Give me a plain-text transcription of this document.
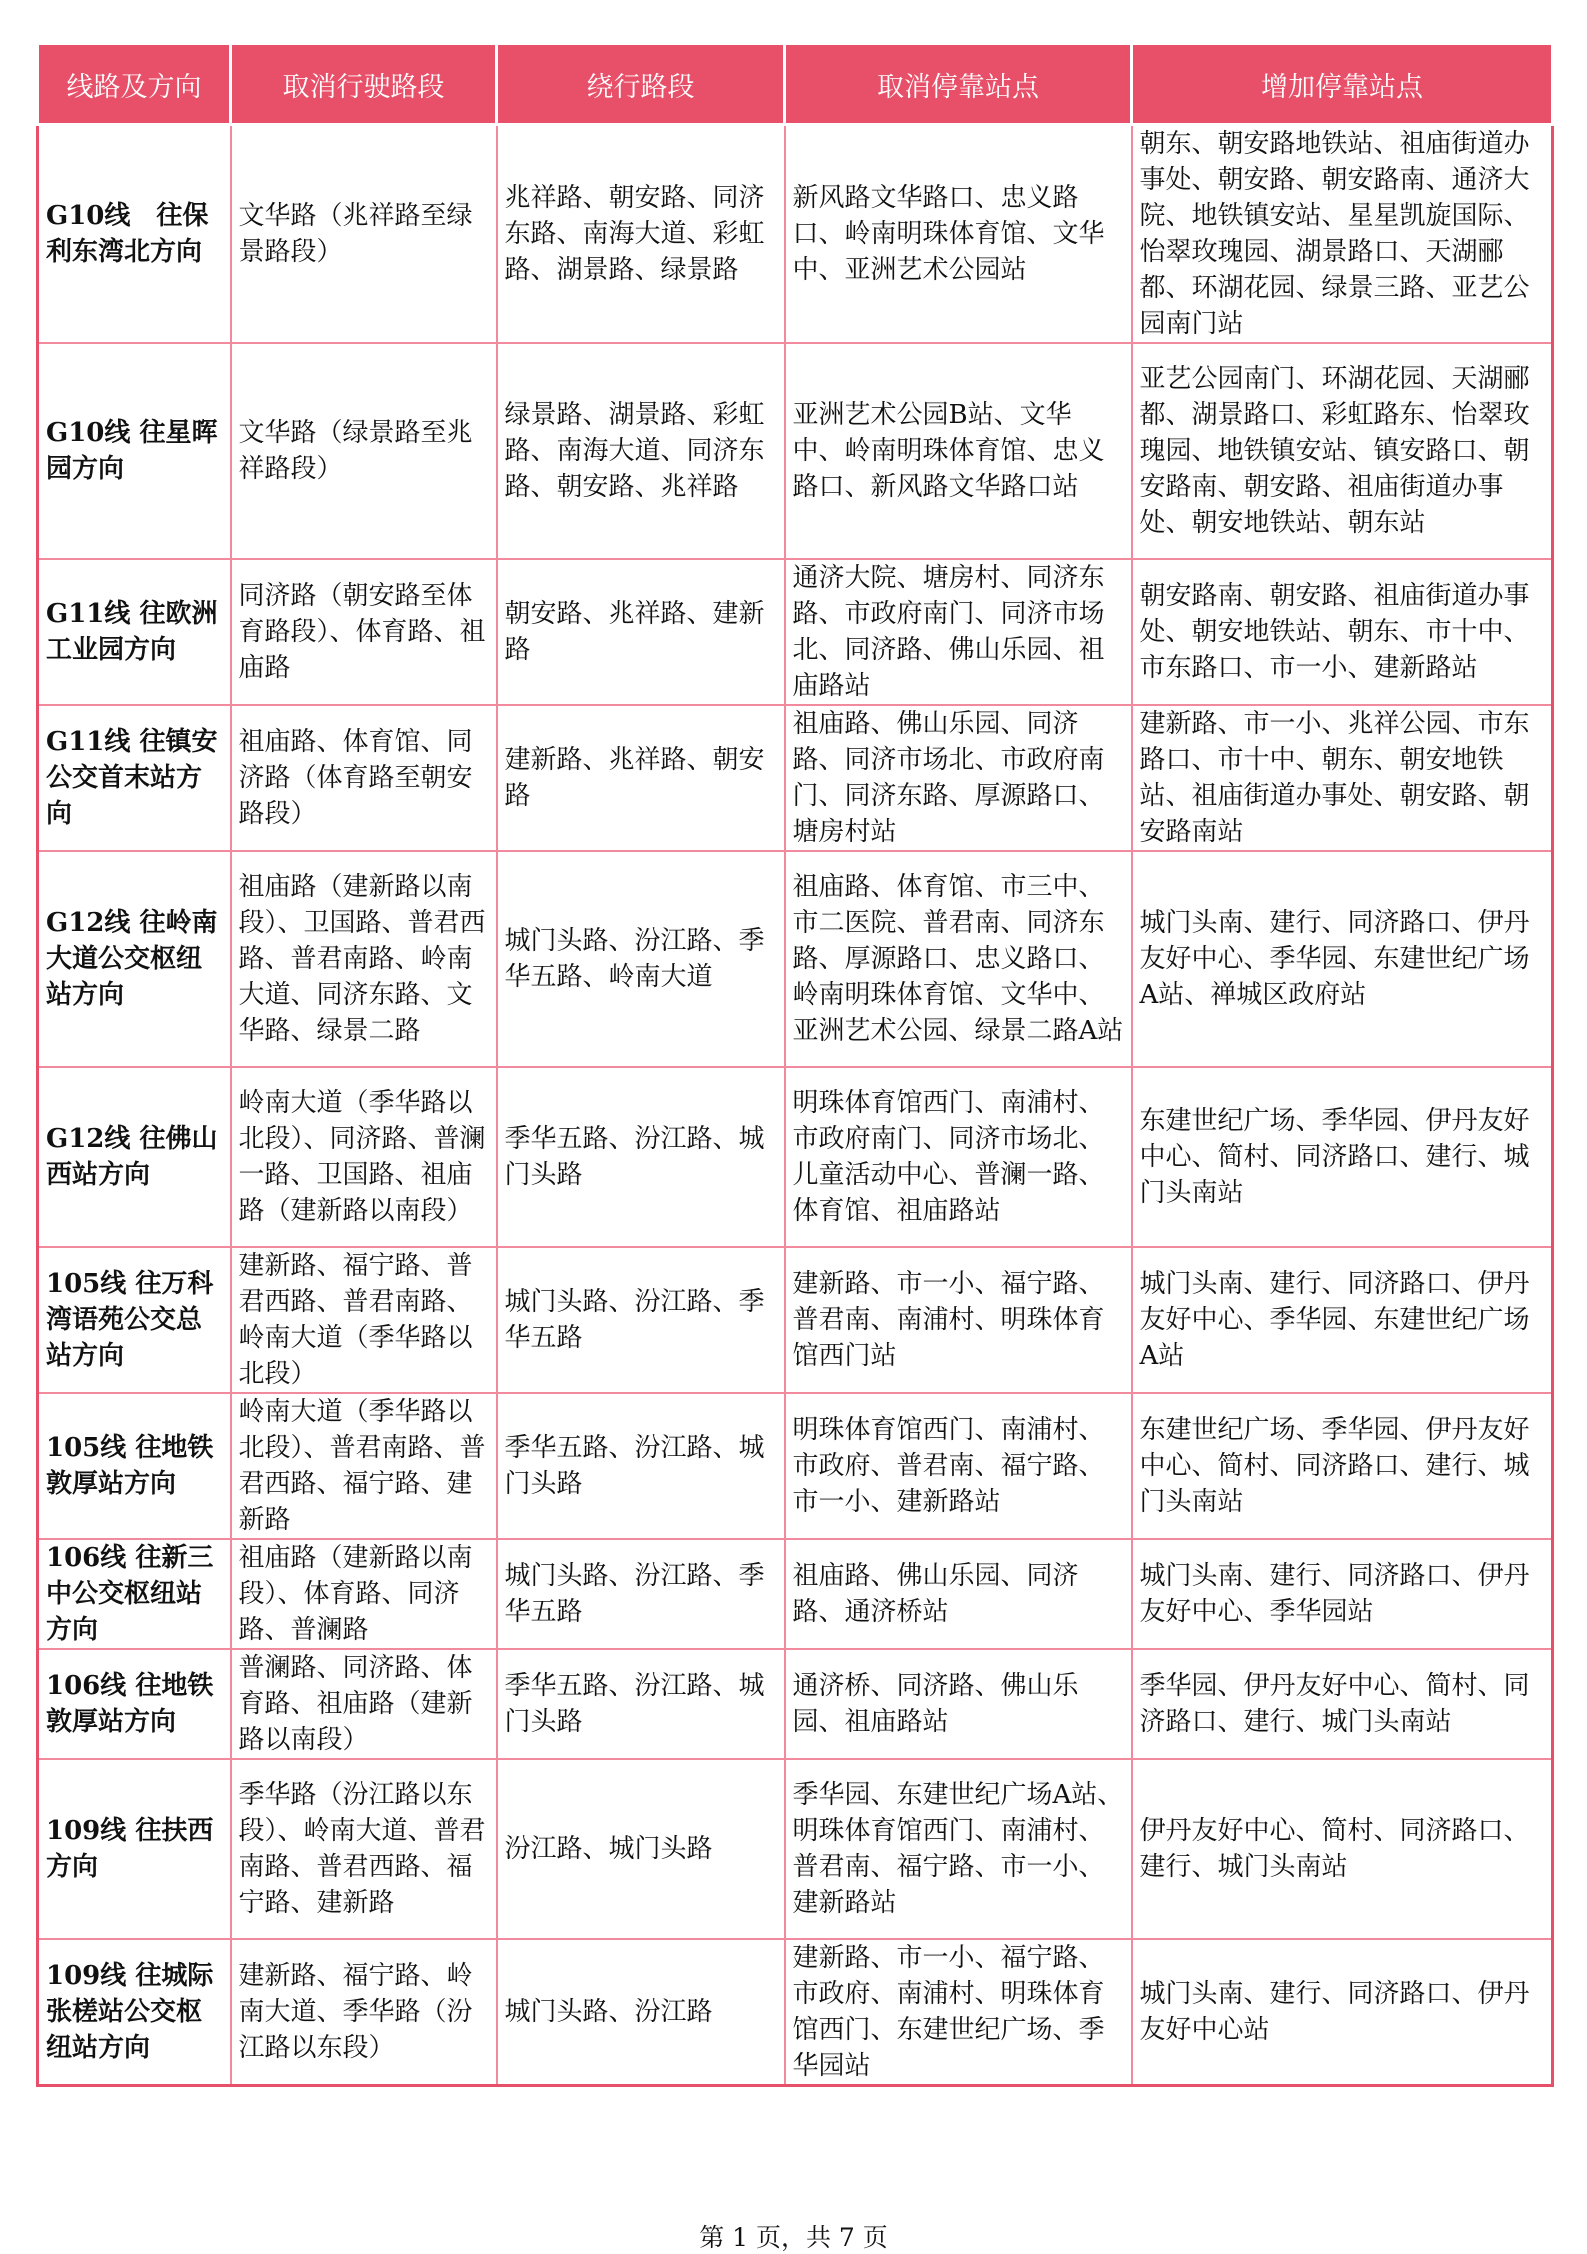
线路及方向	取消行驶路段	绕行路段	取消停靠站点	增加停靠站点
G10线　往保利东湾北方向	文华路（兆祥路至绿景路段）	兆祥路、朝安路、同济东路、南海大道、彩虹路、湖景路、绿景路	新风路文华路口、忠义路口、岭南明珠体育馆、文华中、亚洲艺术公园站	朝东、朝安路地铁站、祖庙街道办事处、朝安路、朝安路南、通济大院、地铁镇安站、星星凯旋国际、怡翠玫瑰园、湖景路口、天湖郦都、环湖花园、绿景三路、亚艺公园南门站
G10线 往星晖园方向	文华路（绿景路至兆祥路段）	绿景路、湖景路、彩虹路、南海大道、同济东路、朝安路、兆祥路	亚洲艺术公园B站、文华中、岭南明珠体育馆、忠义路口、新风路文华路口站	亚艺公园南门、环湖花园、天湖郦都、湖景路口、彩虹路东、怡翠玫瑰园、地铁镇安站、镇安路口、朝安路南、朝安路、祖庙街道办事处、朝安地铁站、朝东站
G11线 往欧洲工业园方向	同济路（朝安路至体育路段）、体育路、祖庙路	朝安路、兆祥路、建新路	通济大院、塘房村、同济东路、市政府南门、同济市场北、同济路、佛山乐园、祖庙路站	朝安路南、朝安路、祖庙街道办事处、朝安地铁站、朝东、市十中、市东路口、市一小、建新路站
G11线 往镇安公交首末站方向	祖庙路、体育馆、同济路（体育路至朝安路段）	建新路、兆祥路、朝安路	祖庙路、佛山乐园、同济路、同济市场北、市政府南门、同济东路、厚源路口、塘房村站	建新路、市一小、兆祥公园、市东路口、市十中、朝东、朝安地铁站、祖庙街道办事处、朝安路、朝安路南站
G12线 往岭南大道公交枢纽站方向	祖庙路（建新路以南段）、卫国路、普君西路、普君南路、岭南大道、同济东路、文华路、绿景二路	城门头路、汾江路、季华五路、岭南大道	祖庙路、体育馆、市三中、市二医院、普君南、同济东路、厚源路口、忠义路口、岭南明珠体育馆、文华中、亚洲艺术公园、绿景二路A站	城门头南、建行、同济路口、伊丹友好中心、季华园、东建世纪广场A站、禅城区政府站
G12线 往佛山西站方向	岭南大道（季华路以北段）、同济路、普澜一路、卫国路、祖庙路（建新路以南段）	季华五路、汾江路、城门头路	明珠体育馆西门、南浦村、市政府南门、同济市场北、儿童活动中心、普澜一路、体育馆、祖庙路站	东建世纪广场、季华园、伊丹友好中心、简村、同济路口、建行、城门头南站
105线 往万科湾语苑公交总站方向	建新路、福宁路、普君西路、普君南路、岭南大道（季华路以北段）	城门头路、汾江路、季华五路	建新路、市一小、福宁路、普君南、南浦村、明珠体育馆西门站	城门头南、建行、同济路口、伊丹友好中心、季华园、东建世纪广场A站
105线 往地铁敦厚站方向	岭南大道（季华路以北段）、普君南路、普君西路、福宁路、建新路	季华五路、汾江路、城门头路	明珠体育馆西门、南浦村、市政府、普君南、福宁路、市一小、建新路站	东建世纪广场、季华园、伊丹友好中心、简村、同济路口、建行、城门头南站
106线 往新三中公交枢纽站方向	祖庙路（建新路以南段）、体育路、同济路、普澜路	城门头路、汾江路、季华五路	祖庙路、佛山乐园、同济路、通济桥站	城门头南、建行、同济路口、伊丹友好中心、季华园站
106线 往地铁敦厚站方向	普澜路、同济路、体育路、祖庙路（建新路以南段）	季华五路、汾江路、城门头路	通济桥、同济路、佛山乐园、祖庙路站	季华园、伊丹友好中心、简村、同济路口、建行、城门头南站
109线 往扶西方向	季华路（汾江路以东段）、岭南大道、普君南路、普君西路、福宁路、建新路	汾江路、城门头路	季华园、东建世纪广场A站、明珠体育馆西门、南浦村、普君南、福宁路、市一小、建新路站	伊丹友好中心、简村、同济路口、建行、城门头南站
109线 往城际张槎站公交枢纽站方向	建新路、福宁路、岭南大道、季华路（汾江路以东段）	城门头路、汾江路	建新路、市一小、福宁路、市政府、南浦村、明珠体育馆西门、东建世纪广场、季华园站	城门头南、建行、同济路口、伊丹友好中心站
第 1 页，共 7 页
